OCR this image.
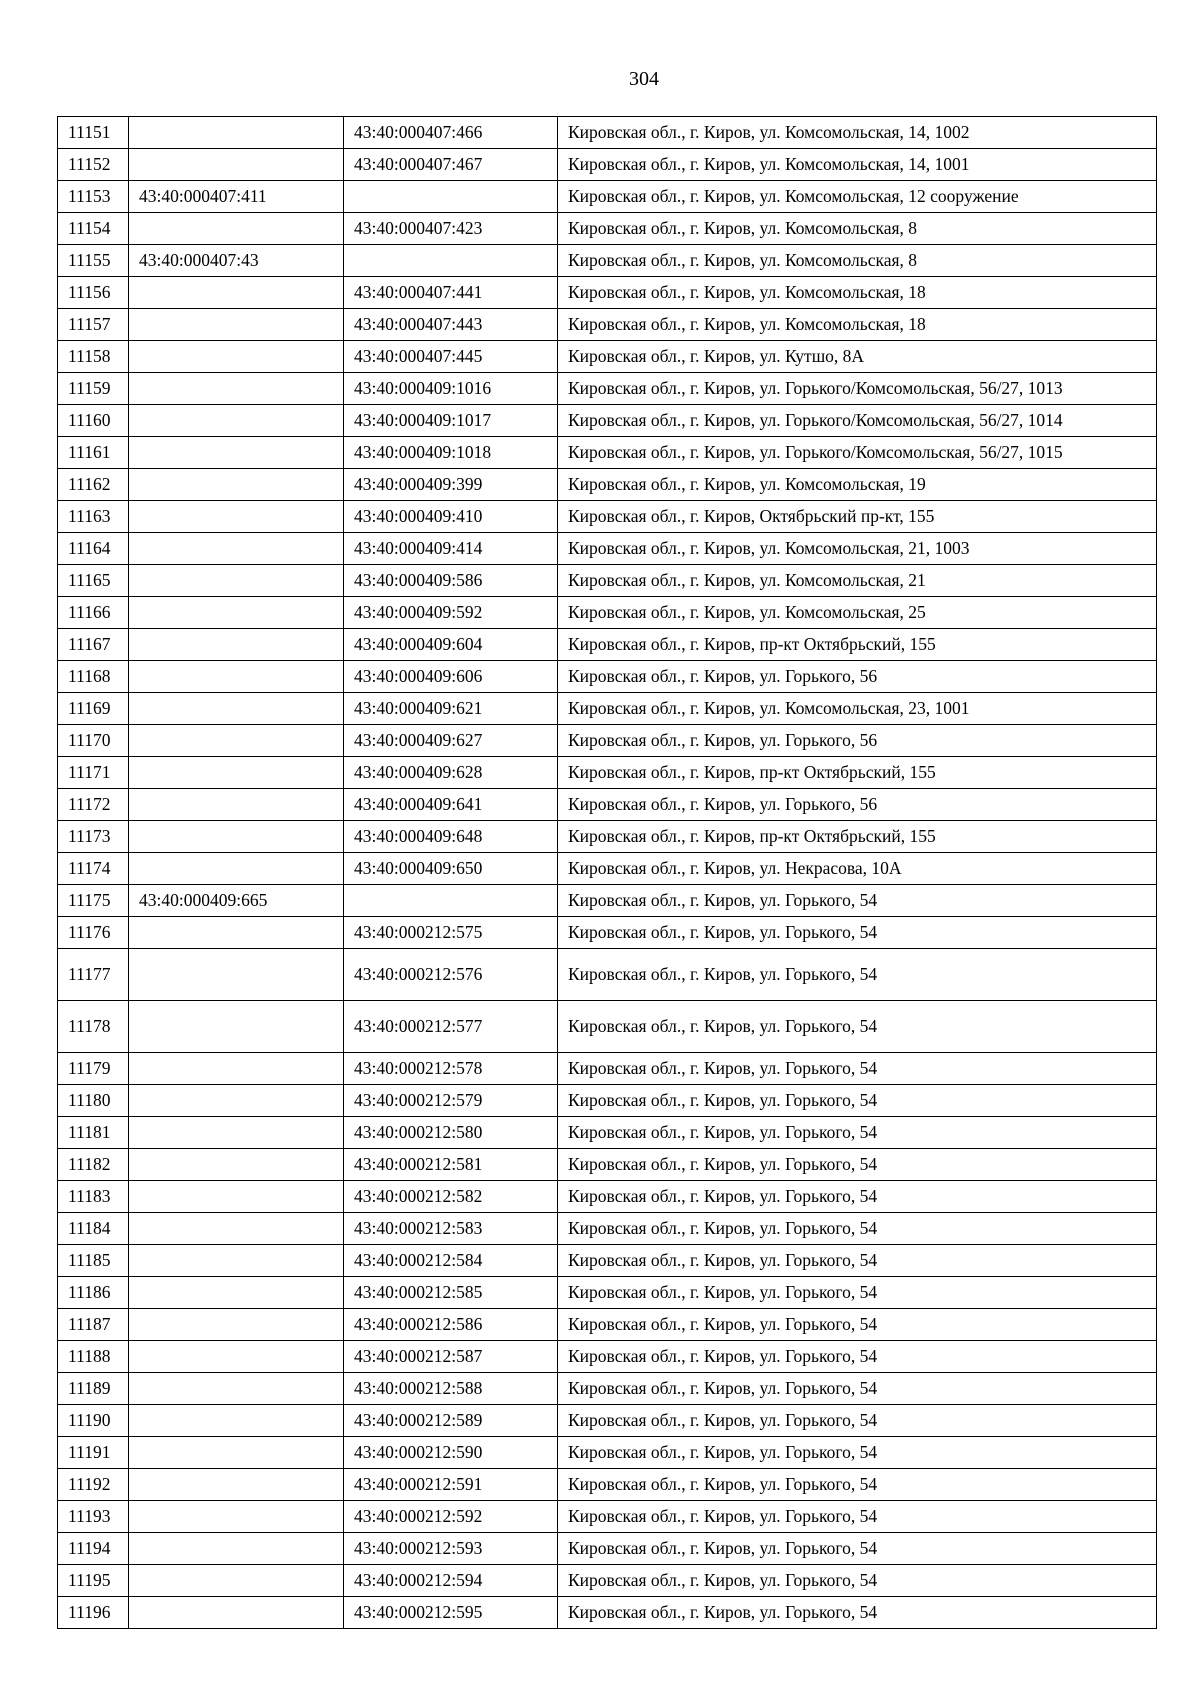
304
11151		43:40:000407:466	Кировская обл., г. Киров, ул. Комсомольская, 14, 1002
11152		43:40:000407:467	Кировская обл., г. Киров, ул. Комсомольская, 14, 1001
11153	43:40:000407:411		Кировская обл., г. Киров, ул. Комсомольская, 12 сооружение
11154		43:40:000407:423	Кировская обл., г. Киров, ул. Комсомольская, 8
11155	43:40:000407:43		Кировская обл., г. Киров, ул. Комсомольская, 8
11156		43:40:000407:441	Кировская обл., г. Киров, ул. Комсомольская, 18
11157		43:40:000407:443	Кировская обл., г. Киров, ул. Комсомольская, 18
11158		43:40:000407:445	Кировская обл., г. Киров, ул. Кутшо, 8А
11159		43:40:000409:1016	Кировская обл., г. Киров, ул. Горького/Комсомольская, 56/27, 1013
11160		43:40:000409:1017	Кировская обл., г. Киров, ул. Горького/Комсомольская, 56/27, 1014
11161		43:40:000409:1018	Кировская обл., г. Киров, ул. Горького/Комсомольская, 56/27, 1015
11162		43:40:000409:399	Кировская обл., г. Киров, ул. Комсомольская, 19
11163		43:40:000409:410	Кировская обл., г. Киров, Октябрьский пр-кт, 155
11164		43:40:000409:414	Кировская обл., г. Киров, ул. Комсомольская, 21, 1003
11165		43:40:000409:586	Кировская обл., г. Киров, ул. Комсомольская, 21
11166		43:40:000409:592	Кировская обл., г. Киров, ул. Комсомольская, 25
11167		43:40:000409:604	Кировская обл., г. Киров, пр-кт Октябрьский, 155
11168		43:40:000409:606	Кировская обл., г. Киров, ул. Горького, 56
11169		43:40:000409:621	Кировская обл., г. Киров, ул. Комсомольская, 23, 1001
11170		43:40:000409:627	Кировская обл., г. Киров, ул. Горького, 56
11171		43:40:000409:628	Кировская обл., г. Киров, пр-кт Октябрьский, 155
11172		43:40:000409:641	Кировская обл., г. Киров, ул. Горького, 56
11173		43:40:000409:648	Кировская обл., г. Киров, пр-кт Октябрьский, 155
11174		43:40:000409:650	Кировская обл., г. Киров, ул. Некрасова, 10А
11175	43:40:000409:665		Кировская обл., г. Киров, ул. Горького, 54
11176		43:40:000212:575	Кировская обл., г. Киров, ул. Горького, 54
11177		43:40:000212:576	Кировская обл., г. Киров, ул. Горького, 54
11178		43:40:000212:577	Кировская обл., г. Киров, ул. Горького, 54
11179		43:40:000212:578	Кировская обл., г. Киров, ул. Горького, 54
11180		43:40:000212:579	Кировская обл., г. Киров, ул. Горького, 54
11181		43:40:000212:580	Кировская обл., г. Киров, ул. Горького, 54
11182		43:40:000212:581	Кировская обл., г. Киров, ул. Горького, 54
11183		43:40:000212:582	Кировская обл., г. Киров, ул. Горького, 54
11184		43:40:000212:583	Кировская обл., г. Киров, ул. Горького, 54
11185		43:40:000212:584	Кировская обл., г. Киров, ул. Горького, 54
11186		43:40:000212:585	Кировская обл., г. Киров, ул. Горького, 54
11187		43:40:000212:586	Кировская обл., г. Киров, ул. Горького, 54
11188		43:40:000212:587	Кировская обл., г. Киров, ул. Горького, 54
11189		43:40:000212:588	Кировская обл., г. Киров, ул. Горького, 54
11190		43:40:000212:589	Кировская обл., г. Киров, ул. Горького, 54
11191		43:40:000212:590	Кировская обл., г. Киров, ул. Горького, 54
11192		43:40:000212:591	Кировская обл., г. Киров, ул. Горького, 54
11193		43:40:000212:592	Кировская обл., г. Киров, ул. Горького, 54
11194		43:40:000212:593	Кировская обл., г. Киров, ул. Горького, 54
11195		43:40:000212:594	Кировская обл., г. Киров, ул. Горького, 54
11196		43:40:000212:595	Кировская обл., г. Киров, ул. Горького, 54
